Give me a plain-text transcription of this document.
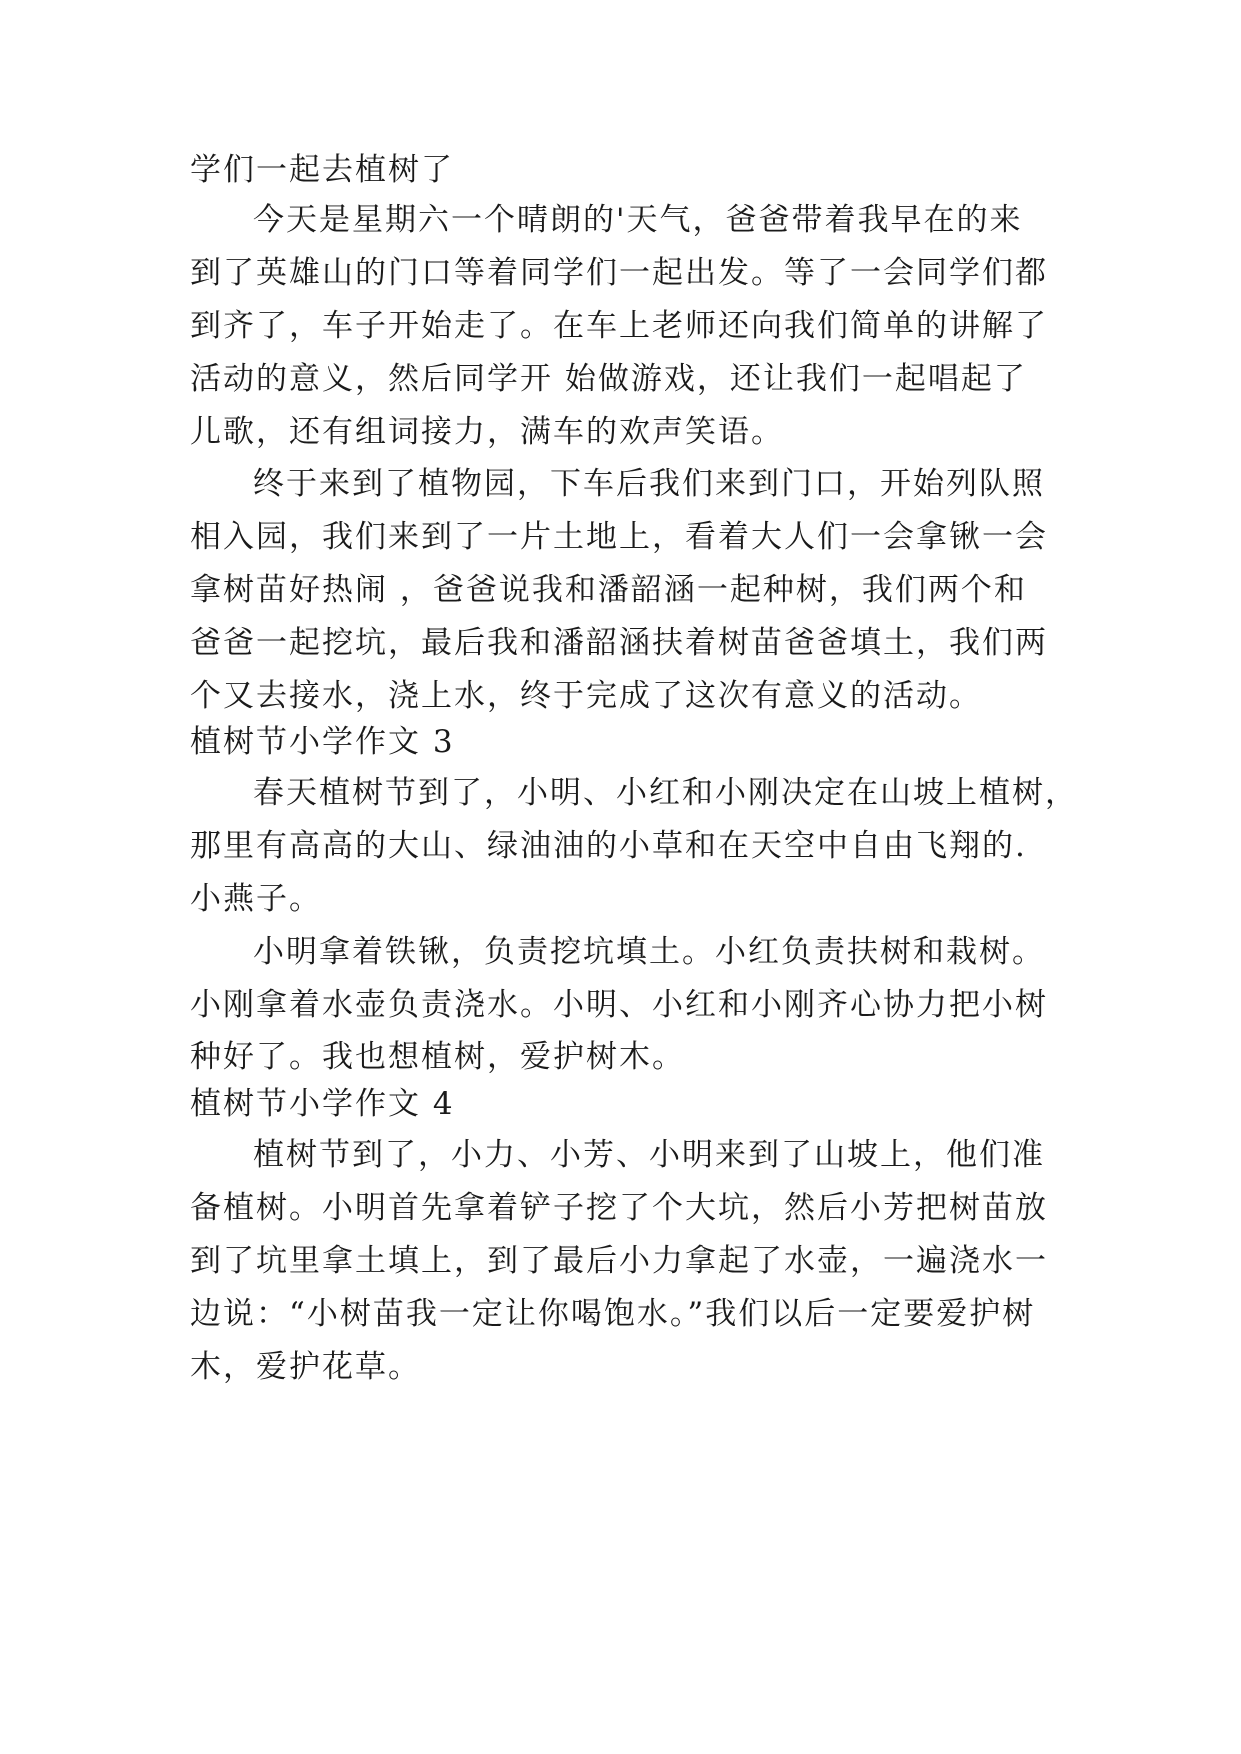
学们一起去植树了
今天是星期六一个晴朗的'天气，爸爸带着我早在的来
到了英雄山的门口等着同学们一起出发。等了一会同学们都
到齐了，车子开始走了。在车上老师还向我们简单的讲解了
活动的意义，然后同学开 始做游戏，还让我们一起唱起了
儿歌，还有组词接力，满车的欢声笑语。
终于来到了植物园，下车后我们来到门口，开始列队照
相入园，我们来到了一片土地上，看着大人们一会拿锹一会
拿树苗好热闹 ，爸爸说我和潘韶涵一起种树，我们两个和
爸爸一起挖坑，最后我和潘韶涵扶着树苗爸爸填土，我们两
个又去接水，浇上水，终于完成了这次有意义的活动。
植树节小学作文 3
春天植树节到了，小明、小红和小刚决定在山坡上植树，
那里有高高的大山、绿油油的小草和在天空中自由飞翔的.
小燕子。
小明拿着铁锹，负责挖坑填土。小红负责扶树和栽树。
小刚拿着水壶负责浇水。小明、小红和小刚齐心协力把小树
种好了。我也想植树，爱护树木。
植树节小学作文 4
植树节到了，小力、小芳、小明来到了山坡上，他们准
备植树。小明首先拿着铲子挖了个大坑，然后小芳把树苗放
到了坑里拿土填上，到了最后小力拿起了水壶，一遍浇水一
边说：“小树苗我一定让你喝饱水。”我们以后一定要爱护树
木，爱护花草。
